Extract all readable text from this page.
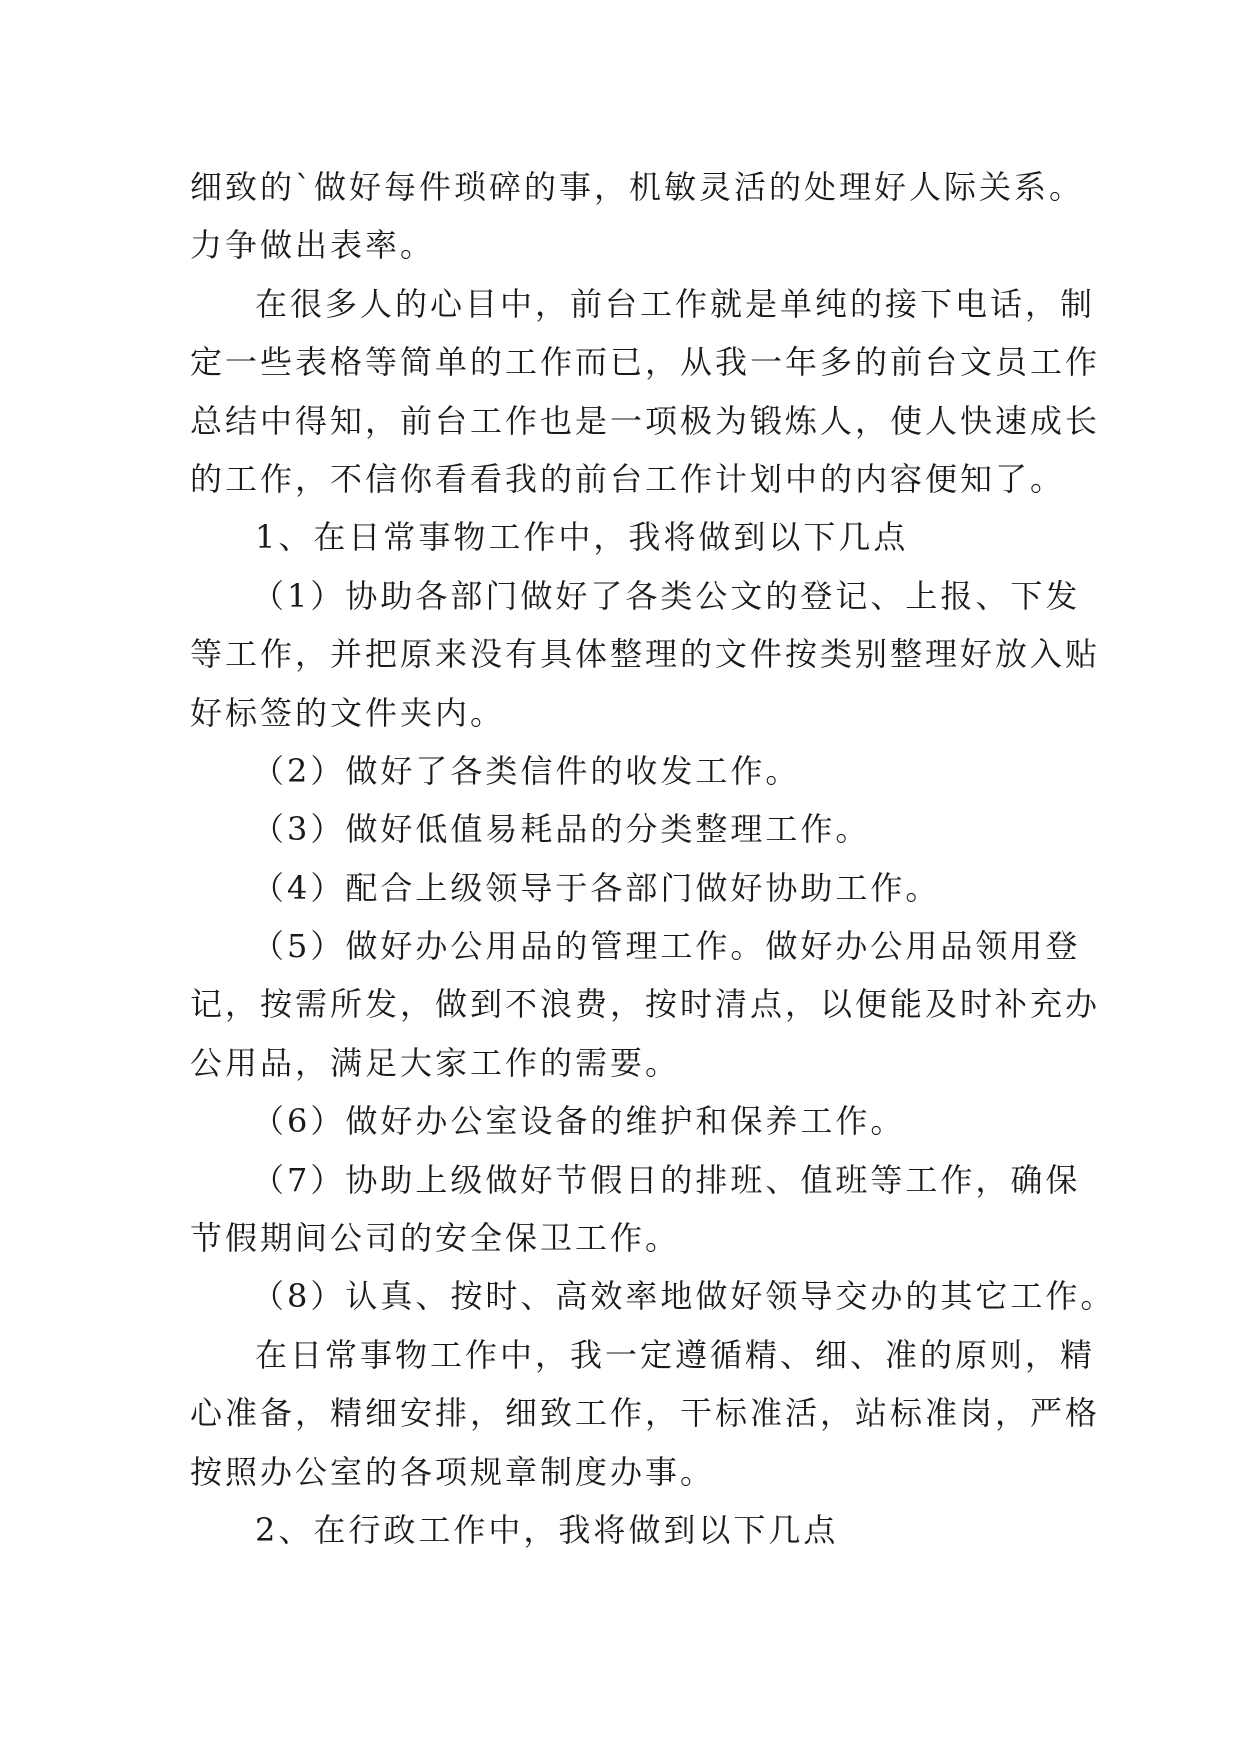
细致的`做好每件琐碎的事，机敏灵活的处理好人际关系。
力争做出表率。
在很多人的心目中，前台工作就是单纯的接下电话，制
定一些表格等简单的工作而已，从我一年多的前台文员工作
总结中得知，前台工作也是一项极为锻炼人，使人快速成长
的工作，不信你看看我的前台工作计划中的内容便知了。
1、在日常事物工作中，我将做到以下几点
（1）协助各部门做好了各类公文的登记、上报、下发
等工作，并把原来没有具体整理的文件按类别整理好放入贴
好标签的文件夹内。
（2）做好了各类信件的收发工作。
（3）做好低值易耗品的分类整理工作。
（4）配合上级领导于各部门做好协助工作。
（5）做好办公用品的管理工作。做好办公用品领用登
记，按需所发，做到不浪费，按时清点，以便能及时补充办
公用品，满足大家工作的需要。
（6）做好办公室设备的维护和保养工作。
（7）协助上级做好节假日的排班、值班等工作，确保
节假期间公司的安全保卫工作。
（8）认真、按时、高效率地做好领导交办的其它工作。
在日常事物工作中，我一定遵循精、细、准的原则，精
心准备，精细安排，细致工作，干标准活，站标准岗，严格
按照办公室的各项规章制度办事。
2、在行政工作中，我将做到以下几点
